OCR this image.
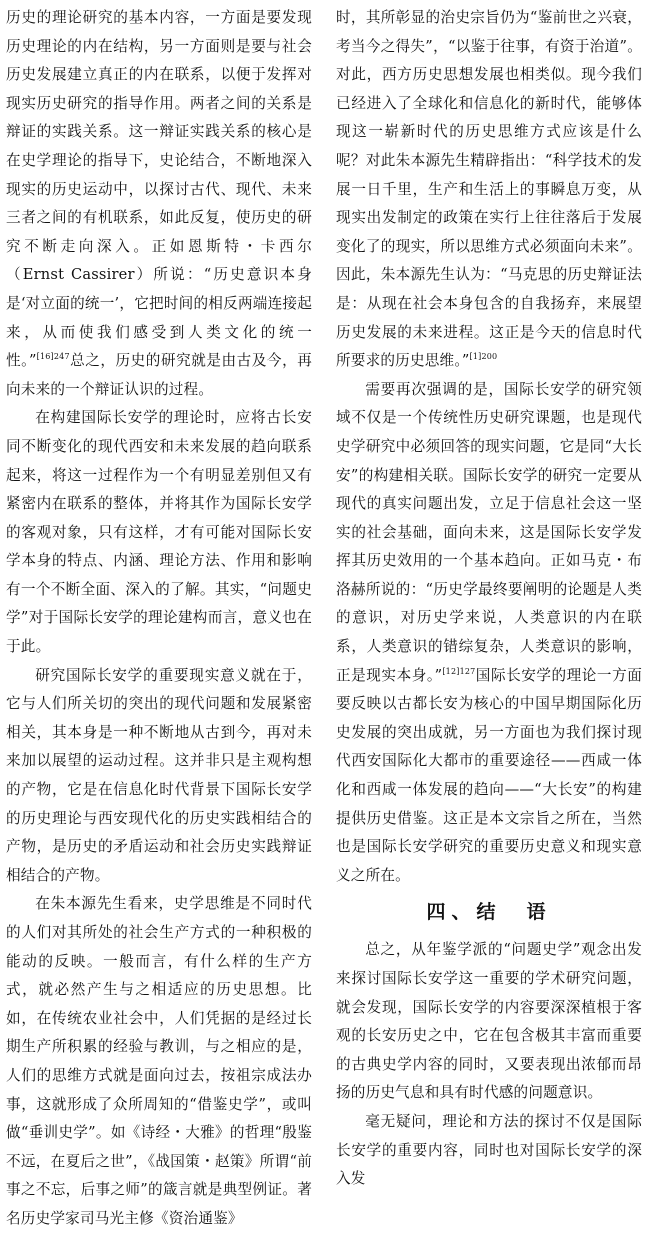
历史的理论研究的基本内容，一方面是要发现历史理论的内在结构，另一方面则是要与社会历史发展建立真正的内在联系，以便于发挥对现实历史研究的指导作用。两者之间的关系是辩证的实践关系。这一辩证实践关系的核心是在史学理论的指导下，史论结合，不断地深入现实的历史运动中，以探讨古代、现代、未来三者之间的有机联系，如此反复，使历史的研究不断走向深入。正如恩斯特・卡西尔（Ernst Cassirer）所说：“历史意识本身是‘对立面的统一’，它把时间的相反两端连接起来，从而使我们感受到人类文化的统一性。”$^{[16]247}$总之，历史的研究就是由古及今，再向未来的一个辩证认识的过程。

在构建国际长安学的理论时，应将古长安同不断变化的现代西安和未来发展的趋向联系起来，将这一过程作为一个有明显差别但又有紧密内在联系的整体，并将其作为国际长安学的客观对象，只有这样，才有可能对国际长安学本身的特点、内涵、理论方法、作用和影响有一个不断全面、深入的了解。其实，“问题史学”对于国际长安学的理论建构而言，意义也在于此。

研究国际长安学的重要现实意义就在于，它与人们所关切的突出的现代问题和发展紧密相关，其本身是一种不断地从古到今，再对未来加以展望的运动过程。这并非只是主观构想的产物，它是在信息化时代背景下国际长安学的历史理论与西安现代化的历史实践相结合的产物，是历史的矛盾运动和社会历史实践辩证相结合的产物。

在朱本源先生看来，史学思维是不同时代的人们对其所处的社会生产方式的一种积极的能动的反映。一般而言，有什么样的生产方式，就必然产生与之相适应的历史思想。比如，在传统农业社会中，人们凭据的是经过长期生产所积累的经验与教训，与之相应的是，人们的思维方式就是面向过去，按祖宗成法办事，这就形成了众所周知的“借鉴史学”，或叫做“垂训史学”。如《诗经・大雅》的哲理“殷鉴不远，在夏后之世”，《战国策・赵策》所谓“前事之不忘，后事之师”的箴言就是典型例证。著名历史学家司马光主修《资治通鉴》

时，其所彰显的治史宗旨仍为“鉴前世之兴衰，考当今之得失”，“以鉴于往事，有资于治道”。对此，西方历史思想发展也相类似。现今我们已经进入了全球化和信息化的新时代，能够体现这一崭新时代的历史思维方式应该是什么呢？对此朱本源先生精辟指出：“科学技术的发展一日千里，生产和生活上的事瞬息万变，从现实出发制定的政策在实行上往往落后于发展变化了的现实，所以思维方式必须面向未来”。因此，朱本源先生认为：“马克思的历史辩证法是：从现在社会本身包含的自我扬弃，来展望历史发展的未来进程。这正是今天的信息时代所要求的历史思维。”$^{[1]200}$

需要再次强调的是，国际长安学的研究领域不仅是一个传统性历史研究课题，也是现代史学研究中必须回答的现实问题，它是同“大长安”的构建相关联。国际长安学的研究一定要从现代的真实问题出发，立足于信息社会这一坚实的社会基础，面向未来，这是国际长安学发挥其历史效用的一个基本趋向。正如马克・布洛赫所说的：“历史学最终要阐明的论题是人类的意识，对历史学来说，人类意识的内在联系，人类意识的错综复杂，人类意识的影响，正是现实本身。”$^{[12]127}$国际长安学的理论一方面要反映以古都长安为核心的中国早期国际化历史发展的突出成就，另一方面也为我们探讨现代西安国际化大都市的重要途径——西咸一体化和西咸一体发展的趋向——“大长安”的构建提供历史借鉴。这正是本文宗旨之所在，当然也是国际长安学研究的重要历史意义和现实意义之所在。

四、结　语

总之，从年鉴学派的“问题史学”观念出发来探讨国际长安学这一重要的学术研究问题，就会发现，国际长安学的内容要深深植根于客观的长安历史之中，它在包含极其丰富而重要的古典史学内容的同时，又要表现出浓郁而昂扬的历史气息和具有时代感的问题意识。

毫无疑问，理论和方法的探讨不仅是国际长安学的重要内容，同时也对国际长安学的深入发
